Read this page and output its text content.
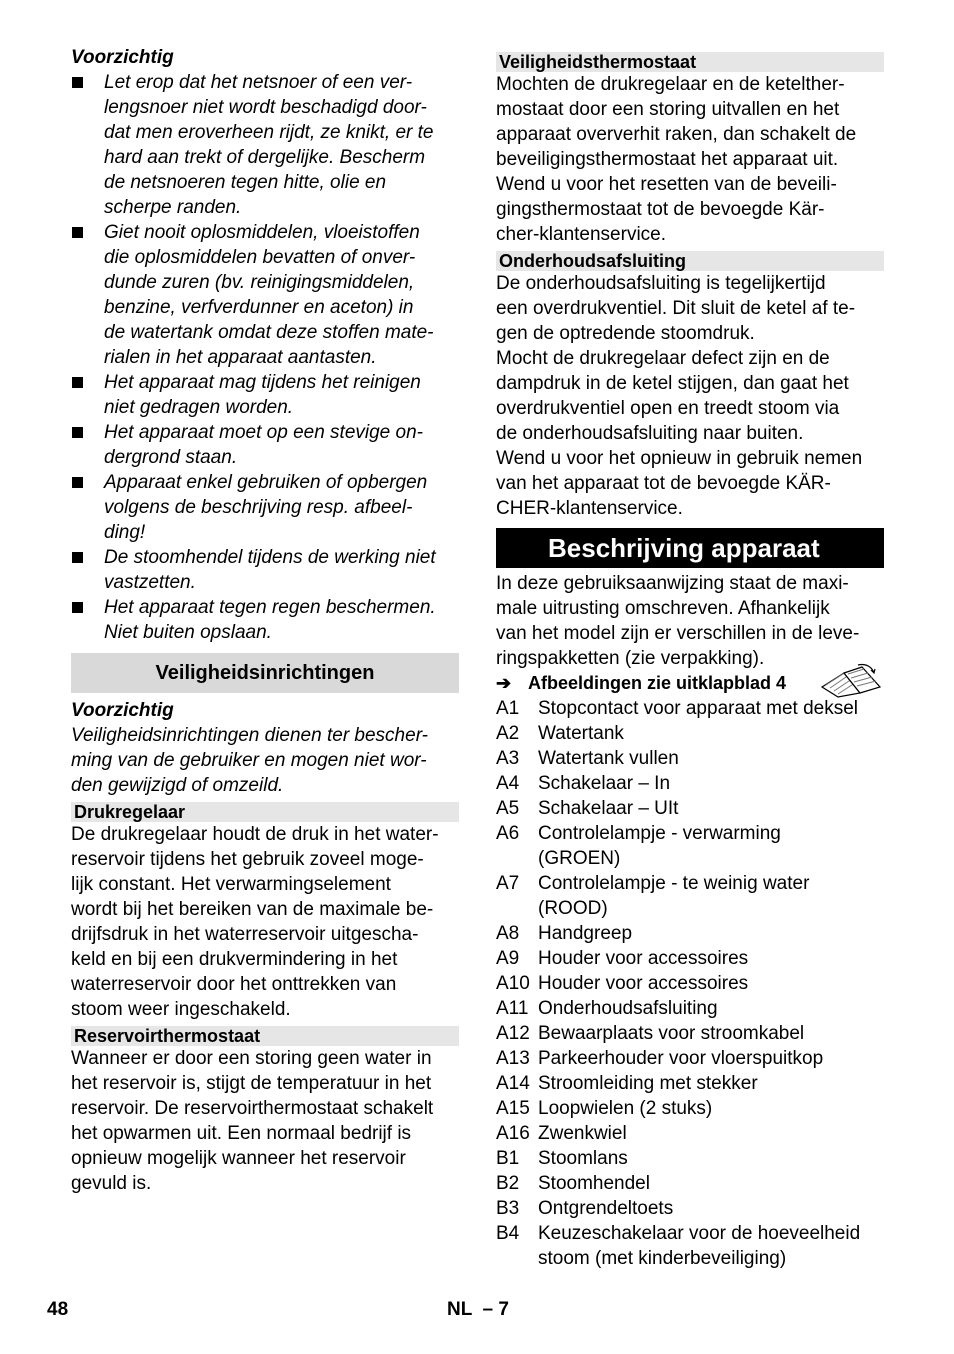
Voorzichtig
Let erop dat het netsnoer of een ver-
lengsnoer niet wordt beschadigd door-
dat men eroverheen rijdt, ze knikt, er te
hard aan trekt of dergelijke. Bescherm
de netsnoeren tegen hitte, olie en
scherpe randen.
Giet nooit oplosmiddelen, vloeistoffen
die oplosmiddelen bevatten of onver-
dunde zuren (bv. reinigingsmiddelen,
benzine, verfverdunner en aceton) in
de watertank omdat deze stoffen mate-
rialen in het apparaat aantasten.
Het apparaat mag tijdens het reinigen
niet gedragen worden.
Het apparaat moet op een stevige on-
dergrond staan.
Apparaat enkel gebruiken of opbergen
volgens de beschrijving resp. afbeel-
ding!
De stoomhendel tijdens de werking niet
vastzetten.
Het apparaat tegen regen beschermen.
Niet buiten opslaan.
Veiligheidsinrichtingen
Voorzichtig
Veiligheidsinrichtingen dienen ter bescher-
ming van de gebruiker en mogen niet wor-
den gewijzigd of omzeild.
Drukregelaar
De drukregelaar houdt de druk in het water-
reservoir tijdens het gebruik zoveel moge-
lijk constant. Het verwarmingselement
wordt bij het bereiken van de maximale be-
drijfsdruk in het waterreservoir uitgescha-
keld en bij een drukvermindering in het
waterreservoir door het onttrekken van
stoom weer ingeschakeld.
Reservoirthermostaat
Wanneer er door een storing geen water in
het reservoir is, stijgt de temperatuur in het
reservoir. De reservoirthermostaat schakelt
het opwarmen uit. Een normaal bedrijf is
opnieuw mogelijk wanneer het reservoir
gevuld is.
Veiligheidsthermostaat
Mochten de drukregelaar en de ketelther-
mostaat door een storing uitvallen en het
apparaat oververhit raken, dan schakelt de
beveiligingsthermostaat het apparaat uit.
Wend u voor het resetten van de beveili-
gingsthermostaat tot de bevoegde Kär-
cher-klantenservice.
Onderhoudsafsluiting
De onderhoudsafsluiting is tegelijkertijd
een overdrukventiel. Dit sluit de ketel af te-
gen de optredende stoomdruk.
Mocht de drukregelaar defect zijn en de
dampdruk in de ketel stijgen, dan gaat het
overdrukventiel open en treedt stoom via
de onderhoudsafsluiting naar buiten.
Wend u voor het opnieuw in gebruik nemen
van het apparaat tot de bevoegde KÄR-
CHER-klantenservice.
Beschrijving apparaat
In deze gebruiksaanwijzing staat de maxi-
male uitrusting omschreven. Afhankelijk
van het model zijn er verschillen in de leve-
ringspakketten (zie verpakking).
➔ Afbeeldingen zie uitklapblad 4
A1 Stopcontact voor apparaat met deksel
A2 Watertank
A3 Watertank vullen
A4 Schakelaar – In
A5 Schakelaar – UIt
A6 Controlelampje - verwarming
(GROEN)
A7 Controlelampje - te weinig water
(ROOD)
A8 Handgreep
A9 Houder voor accessoires
A10 Houder voor accessoires
A11 Onderhoudsafsluiting
A12 Bewaarplaats voor stroomkabel
A13 Parkeerhouder voor vloerspuitkop
A14 Stroomleiding met stekker
A15 Loopwielen (2 stuks)
A16 Zwenkwiel
B1 Stoomlans
B2 Stoomhendel
B3 Ontgrendeltoets
B4 Keuzeschakelaar voor de hoeveelheid
stoom (met kinderbeveiliging)
48	NL  – 7
